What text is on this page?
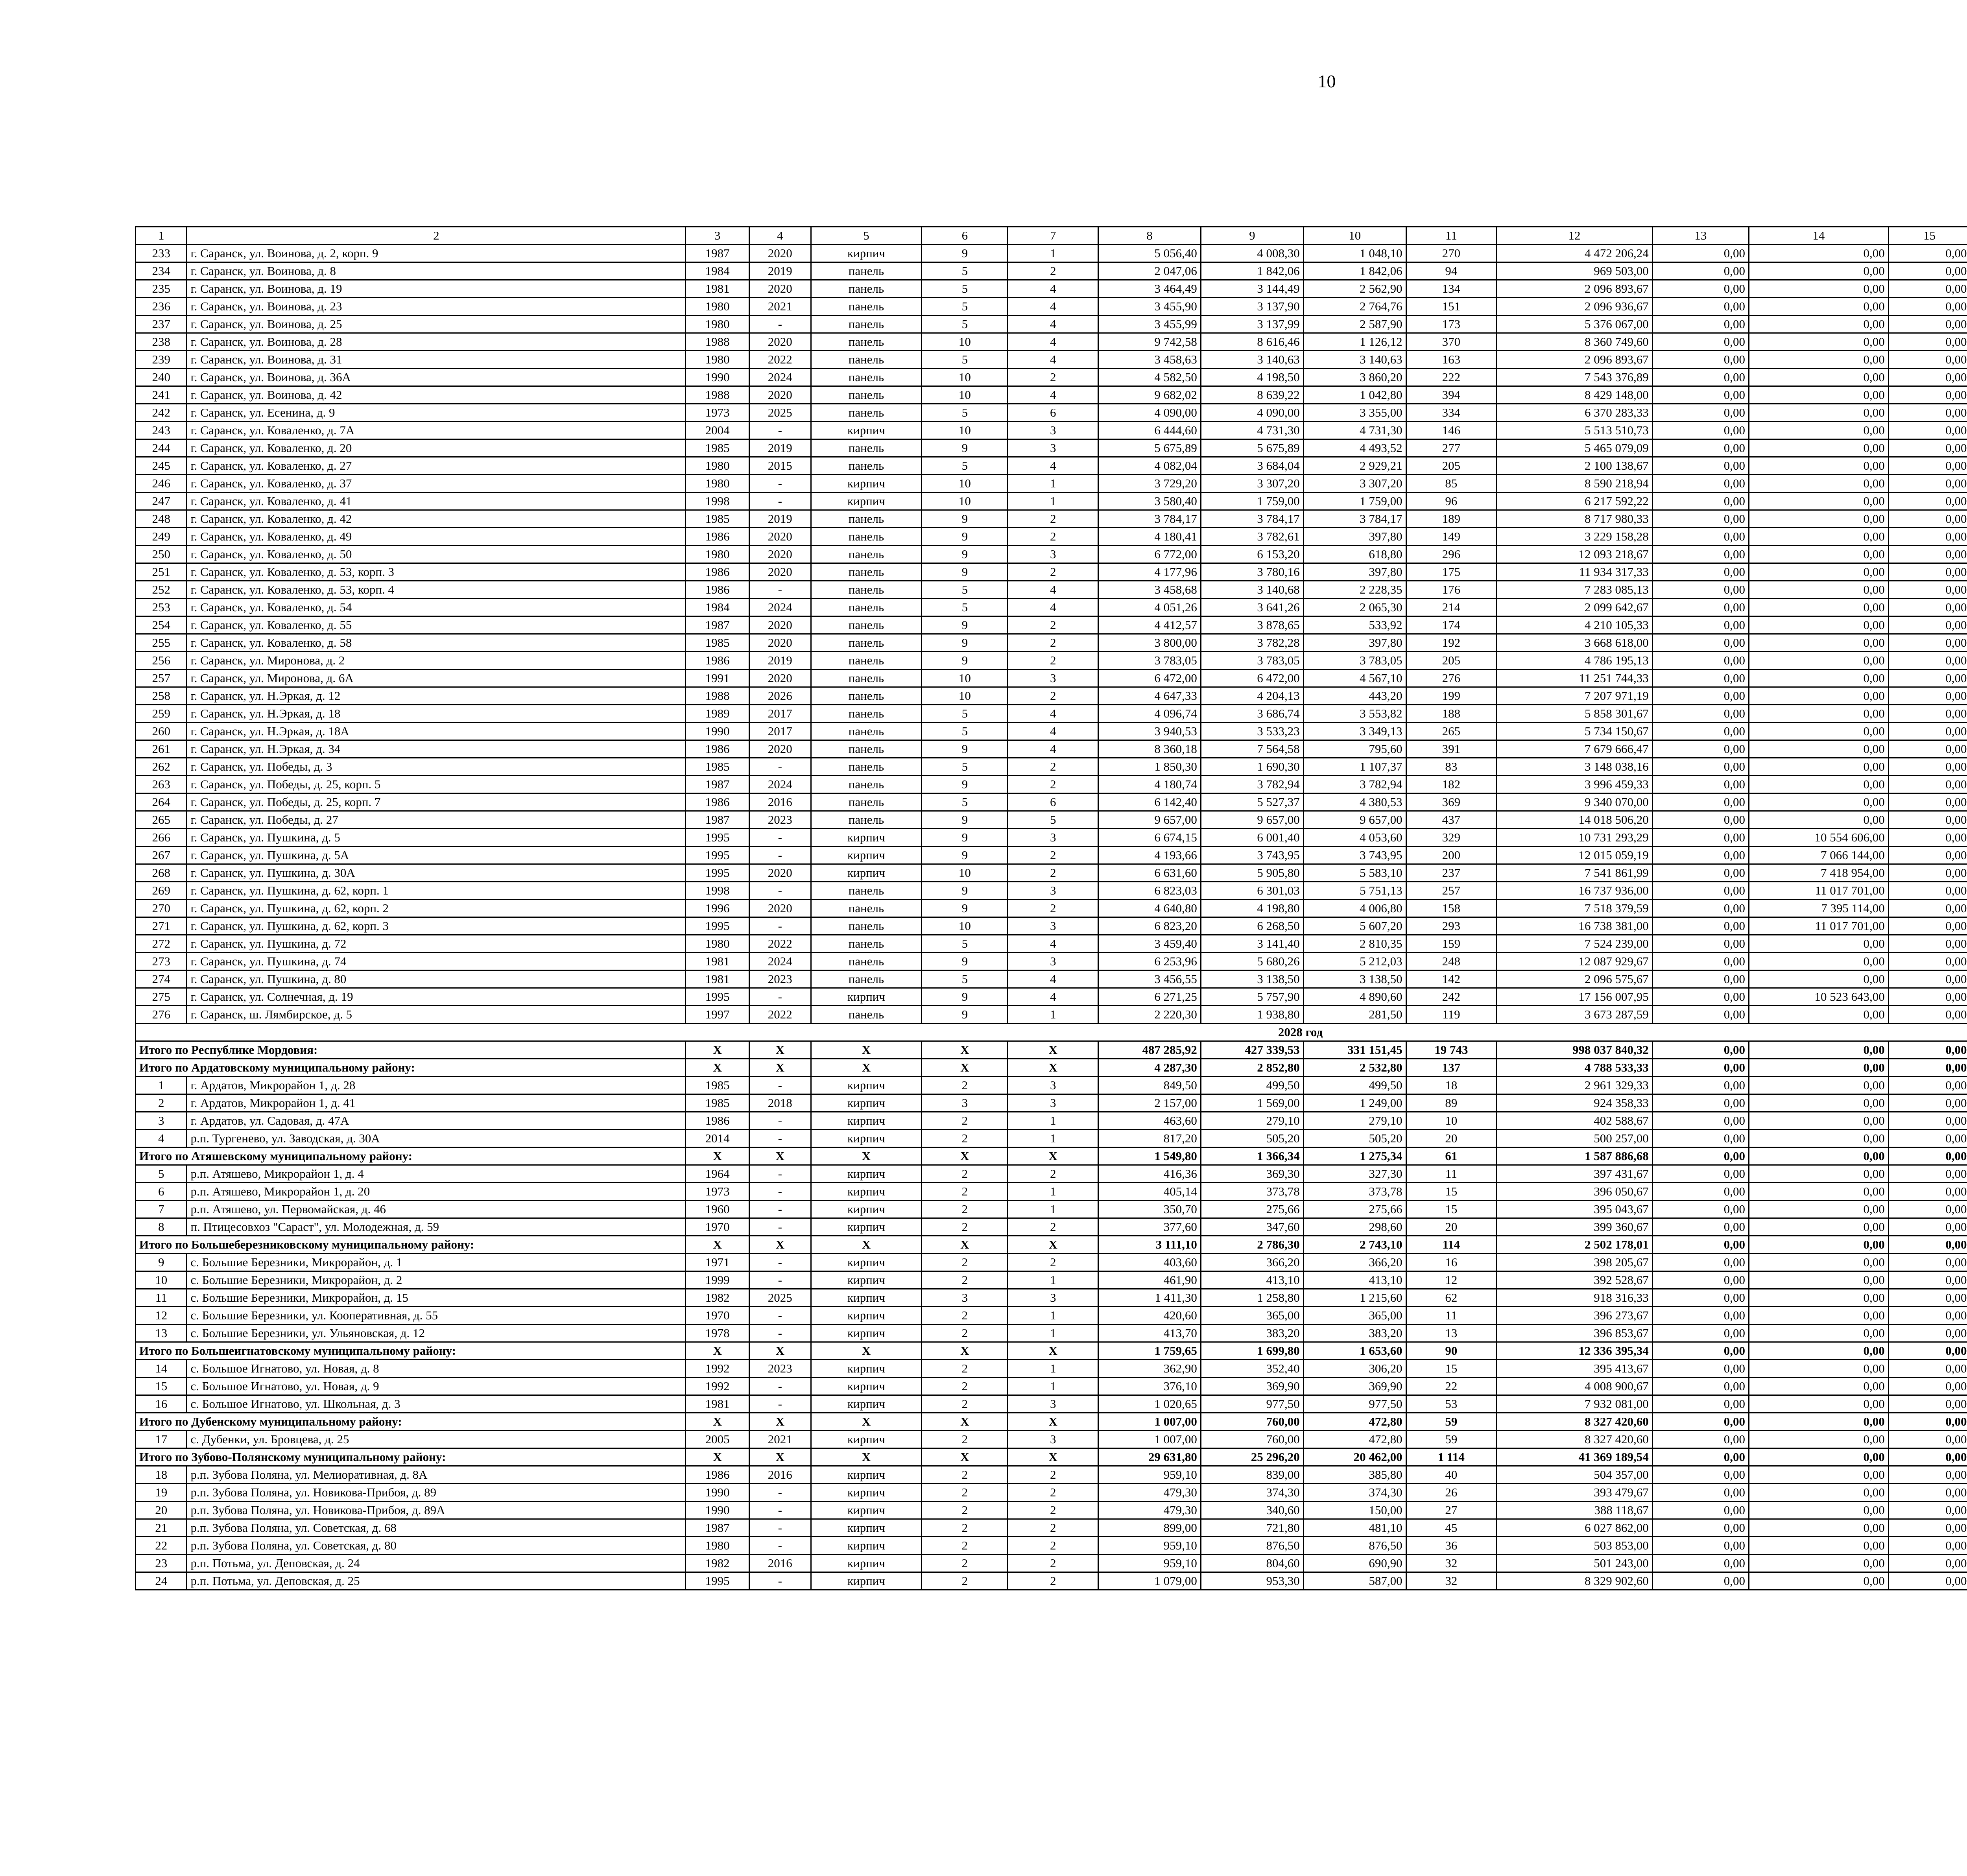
10
1	2	3	4	5	6	7	8	9	10	11	12	13	14	15				
233	г. Саранск, ул. Воинова, д. 2, корп. 9	1987	2020	кирпич	9	1	5 056,40	4 008,30	1 048,10	270	4 472 206,24	0,00	0,00	0,00				
234	г. Саранск, ул. Воинова, д. 8	1984	2019	панель	5	2	2 047,06	1 842,06	1 842,06	94	969 503,00	0,00	0,00	0,00				
235	г. Саранск, ул. Воинова, д. 19	1981	2020	панель	5	4	3 464,49	3 144,49	2 562,90	134	2 096 893,67	0,00	0,00	0,00				
236	г. Саранск, ул. Воинова, д. 23	1980	2021	панель	5	4	3 455,90	3 137,90	2 764,76	151	2 096 936,67	0,00	0,00	0,00				
237	г. Саранск, ул. Воинова, д. 25	1980	-	панель	5	4	3 455,99	3 137,99	2 587,90	173	5 376 067,00	0,00	0,00	0,00				
238	г. Саранск, ул. Воинова, д. 28	1988	2020	панель	10	4	9 742,58	8 616,46	1 126,12	370	8 360 749,60	0,00	0,00	0,00				
239	г. Саранск, ул. Воинова, д. 31	1980	2022	панель	5	4	3 458,63	3 140,63	3 140,63	163	2 096 893,67	0,00	0,00	0,00				
240	г. Саранск, ул. Воинова, д. 36А	1990	2024	панель	10	2	4 582,50	4 198,50	3 860,20	222	7 543 376,89	0,00	0,00	0,00				
241	г. Саранск, ул. Воинова, д. 42	1988	2020	панель	10	4	9 682,02	8 639,22	1 042,80	394	8 429 148,00	0,00	0,00	0,00				
242	г. Саранск, ул. Есенина, д. 9	1973	2025	панель	5	6	4 090,00	4 090,00	3 355,00	334	6 370 283,33	0,00	0,00	0,00				
243	г. Саранск, ул. Коваленко, д. 7А	2004	-	кирпич	10	3	6 444,60	4 731,30	4 731,30	146	5 513 510,73	0,00	0,00	0,00				
244	г. Саранск, ул. Коваленко, д. 20	1985	2019	панель	9	3	5 675,89	5 675,89	4 493,52	277	5 465 079,09	0,00	0,00	0,00				
245	г. Саранск, ул. Коваленко, д. 27	1980	2015	панель	5	4	4 082,04	3 684,04	2 929,21	205	2 100 138,67	0,00	0,00	0,00				
246	г. Саранск, ул. Коваленко, д. 37	1980	-	кирпич	10	1	3 729,20	3 307,20	3 307,20	85	8 590 218,94	0,00	0,00	0,00				
247	г. Саранск, ул. Коваленко, д. 41	1998	-	кирпич	10	1	3 580,40	1 759,00	1 759,00	96	6 217 592,22	0,00	0,00	0,00				
248	г. Саранск, ул. Коваленко, д. 42	1985	2019	панель	9	2	3 784,17	3 784,17	3 784,17	189	8 717 980,33	0,00	0,00	0,00				
249	г. Саранск, ул. Коваленко, д. 49	1986	2020	панель	9	2	4 180,41	3 782,61	397,80	149	3 229 158,28	0,00	0,00	0,00				
250	г. Саранск, ул. Коваленко, д. 50	1980	2020	панель	9	3	6 772,00	6 153,20	618,80	296	12 093 218,67	0,00	0,00	0,00				
251	г. Саранск, ул. Коваленко, д. 53, корп. 3	1986	2020	панель	9	2	4 177,96	3 780,16	397,80	175	11 934 317,33	0,00	0,00	0,00				
252	г. Саранск, ул. Коваленко, д. 53, корп. 4	1986	-	панель	5	4	3 458,68	3 140,68	2 228,35	176	7 283 085,13	0,00	0,00	0,00				
253	г. Саранск, ул. Коваленко, д. 54	1984	2024	панель	5	4	4 051,26	3 641,26	2 065,30	214	2 099 642,67	0,00	0,00	0,00				
254	г. Саранск, ул. Коваленко, д. 55	1987	2020	панель	9	2	4 412,57	3 878,65	533,92	174	4 210 105,33	0,00	0,00	0,00				
255	г. Саранск, ул. Коваленко, д. 58	1985	2020	панель	9	2	3 800,00	3 782,28	397,80	192	3 668 618,00	0,00	0,00	0,00				
256	г. Саранск, ул. Миронова, д. 2	1986	2019	панель	9	2	3 783,05	3 783,05	3 783,05	205	4 786 195,13	0,00	0,00	0,00				
257	г. Саранск, ул. Миронова, д. 6А	1991	2020	панель	10	3	6 472,00	6 472,00	4 567,10	276	11 251 744,33	0,00	0,00	0,00				
258	г. Саранск, ул. Н.Эркая, д. 12	1988	2026	панель	10	2	4 647,33	4 204,13	443,20	199	7 207 971,19	0,00	0,00	0,00				
259	г. Саранск, ул. Н.Эркая, д. 18	1989	2017	панель	5	4	4 096,74	3 686,74	3 553,82	188	5 858 301,67	0,00	0,00	0,00				
260	г. Саранск, ул. Н.Эркая, д. 18А	1990	2017	панель	5	4	3 940,53	3 533,23	3 349,13	265	5 734 150,67	0,00	0,00	0,00				
261	г. Саранск, ул. Н.Эркая, д. 34	1986	2020	панель	9	4	8 360,18	7 564,58	795,60	391	7 679 666,47	0,00	0,00	0,00				
262	г. Саранск, ул. Победы, д. 3	1985	-	панель	5	2	1 850,30	1 690,30	1 107,37	83	3 148 038,16	0,00	0,00	0,00				
263	г. Саранск, ул. Победы, д. 25, корп. 5	1987	2024	панель	9	2	4 180,74	3 782,94	3 782,94	182	3 996 459,33	0,00	0,00	0,00				
264	г. Саранск, ул. Победы, д. 25, корп. 7	1986	2016	панель	5	6	6 142,40	5 527,37	4 380,53	369	9 340 070,00	0,00	0,00	0,00				
265	г. Саранск, ул. Победы, д. 27	1987	2023	панель	9	5	9 657,00	9 657,00	9 657,00	437	14 018 506,20	0,00	0,00	0,00				
266	г. Саранск, ул. Пушкина, д. 5	1995	-	кирпич	9	3	6 674,15	6 001,40	4 053,60	329	10 731 293,29	0,00	10 554 606,00	0,00				
267	г. Саранск, ул. Пушкина, д. 5А	1995	-	кирпич	9	2	4 193,66	3 743,95	3 743,95	200	12 015 059,19	0,00	7 066 144,00	0,00				
268	г. Саранск, ул. Пушкина, д. 30А	1995	2020	кирпич	10	2	6 631,60	5 905,80	5 583,10	237	7 541 861,99	0,00	7 418 954,00	0,00				
269	г. Саранск, ул. Пушкина, д. 62, корп. 1	1998	-	панель	9	3	6 823,03	6 301,03	5 751,13	257	16 737 936,00	0,00	11 017 701,00	0,00				
270	г. Саранск, ул. Пушкина, д. 62, корп. 2	1996	2020	панель	9	2	4 640,80	4 198,80	4 006,80	158	7 518 379,59	0,00	7 395 114,00	0,00				
271	г. Саранск, ул. Пушкина, д. 62, корп. 3	1995	-	панель	10	3	6 823,20	6 268,50	5 607,20	293	16 738 381,00	0,00	11 017 701,00	0,00				
272	г. Саранск, ул. Пушкина, д. 72	1980	2022	панель	5	4	3 459,40	3 141,40	2 810,35	159	7 524 239,00	0,00	0,00	0,00				
273	г. Саранск, ул. Пушкина, д. 74	1981	2024	панель	9	3	6 253,96	5 680,26	5 212,03	248	12 087 929,67	0,00	0,00	0,00				
274	г. Саранск, ул. Пушкина, д. 80	1981	2023	панель	5	4	3 456,55	3 138,50	3 138,50	142	2 096 575,67	0,00	0,00	0,00				
275	г. Саранск, ул. Солнечная, д. 19	1995	-	кирпич	9	4	6 271,25	5 757,90	4 890,60	242	17 156 007,95	0,00	10 523 643,00	0,00				
276	г. Саранск, ш. Лямбирское, д. 5	1997	2022	панель	9	1	2 220,30	1 938,80	281,50	119	3 673 287,59	0,00	0,00	0,00				
2028 год																		
Итого по Республике Мордовия:		X	X	X	X	X	487 285,92	427 339,53	331 151,45	19 743	998 037 840,32	0,00	0,00	0,00				
Итого по Ардатовскому муниципальному району:		X	X	X	X	X	4 287,30	2 852,80	2 532,80	137	4 788 533,33	0,00	0,00	0,00				
1	г. Ардатов, Микрорайон 1, д. 28	1985	-	кирпич	2	3	849,50	499,50	499,50	18	2 961 329,33	0,00	0,00	0,00				
2	г. Ардатов, Микрорайон 1, д. 41	1985	2018	кирпич	3	3	2 157,00	1 569,00	1 249,00	89	924 358,33	0,00	0,00	0,00				
3	г. Ардатов, ул. Садовая, д. 47А	1986	-	кирпич	2	1	463,60	279,10	279,10	10	402 588,67	0,00	0,00	0,00				
4	р.п. Тургенево, ул. Заводская, д. 30А	2014	-	кирпич	2	1	817,20	505,20	505,20	20	500 257,00	0,00	0,00	0,00				
Итого по Атяшевскому муниципальному району:		X	X	X	X	X	1 549,80	1 366,34	1 275,34	61	1 587 886,68	0,00	0,00	0,00				
5	р.п. Атяшево, Микрорайон 1, д. 4	1964	-	кирпич	2	2	416,36	369,30	327,30	11	397 431,67	0,00	0,00	0,00				
6	р.п. Атяшево, Микрорайон 1, д. 20	1973	-	кирпич	2	1	405,14	373,78	373,78	15	396 050,67	0,00	0,00	0,00				
7	р.п. Атяшево, ул. Первомайская, д. 46	1960	-	кирпич	2	1	350,70	275,66	275,66	15	395 043,67	0,00	0,00	0,00				
8	п. Птицесовхоз "Сараст", ул. Молодежная, д. 59	1970	-	кирпич	2	2	377,60	347,60	298,60	20	399 360,67	0,00	0,00	0,00				
Итого по Большеберезниковскому муниципальному району:		X	X	X	X	X	3 111,10	2 786,30	2 743,10	114	2 502 178,01	0,00	0,00	0,00				
9	с. Большие Березники, Микрорайон, д. 1	1971	-	кирпич	2	2	403,60	366,20	366,20	16	398 205,67	0,00	0,00	0,00				
10	с. Большие Березники, Микрорайон, д. 2	1999	-	кирпич	2	1	461,90	413,10	413,10	12	392 528,67	0,00	0,00	0,00				
11	с. Большие Березники, Микрорайон, д. 15	1982	2025	кирпич	3	3	1 411,30	1 258,80	1 215,60	62	918 316,33	0,00	0,00	0,00				
12	с. Большие Березники, ул. Кооперативная, д. 55	1970	-	кирпич	2	1	420,60	365,00	365,00	11	396 273,67	0,00	0,00	0,00				
13	с. Большие Березники, ул. Ульяновская, д. 12	1978	-	кирпич	2	1	413,70	383,20	383,20	13	396 853,67	0,00	0,00	0,00				
Итого по Большеигнатовскому муниципальному району:		X	X	X	X	X	1 759,65	1 699,80	1 653,60	90	12 336 395,34	0,00	0,00	0,00				
14	с. Большое Игнатово, ул. Новая, д. 8	1992	2023	кирпич	2	1	362,90	352,40	306,20	15	395 413,67	0,00	0,00	0,00				
15	с. Большое Игнатово, ул. Новая, д. 9	1992	-	кирпич	2	1	376,10	369,90	369,90	22	4 008 900,67	0,00	0,00	0,00				
16	с. Большое Игнатово, ул. Школьная, д. 3	1981	-	кирпич	2	3	1 020,65	977,50	977,50	53	7 932 081,00	0,00	0,00	0,00				
Итого по Дубенскому муниципальному району:		X	X	X	X	X	1 007,00	760,00	472,80	59	8 327 420,60	0,00	0,00	0,00				
17	с. Дубенки, ул. Бровцева, д. 25	2005	2021	кирпич	2	3	1 007,00	760,00	472,80	59	8 327 420,60	0,00	0,00	0,00				
Итого по Зубово-Полянскому муниципальному району:		X	X	X	X	X	29 631,80	25 296,20	20 462,00	1 114	41 369 189,54	0,00	0,00	0,00				
18	р.п. Зубова Поляна, ул. Мелиоративная, д. 8А	1986	2016	кирпич	2	2	959,10	839,00	385,80	40	504 357,00	0,00	0,00	0,00				
19	р.п. Зубова Поляна, ул. Новикова-Прибоя, д. 89	1990	-	кирпич	2	2	479,30	374,30	374,30	26	393 479,67	0,00	0,00	0,00				
20	р.п. Зубова Поляна, ул. Новикова-Прибоя, д. 89А	1990	-	кирпич	2	2	479,30	340,60	150,00	27	388 118,67	0,00	0,00	0,00				
21	р.п. Зубова Поляна, ул. Советская, д. 68	1987	-	кирпич	2	2	899,00	721,80	481,10	45	6 027 862,00	0,00	0,00	0,00				
22	р.п. Зубова Поляна, ул. Советская, д. 80	1980	-	кирпич	2	2	959,10	876,50	876,50	36	503 853,00	0,00	0,00	0,00				
23	р.п. Потьма, ул. Деповская, д. 24	1982	2016	кирпич	2	2	959,10	804,60	690,90	32	501 243,00	0,00	0,00	0,00				
24	р.п. Потьма, ул. Деповская, д. 25	1995	-	кирпич	2	2	1 079,00	953,30	587,00	32	8 329 902,60	0,00	0,00	0,00				
